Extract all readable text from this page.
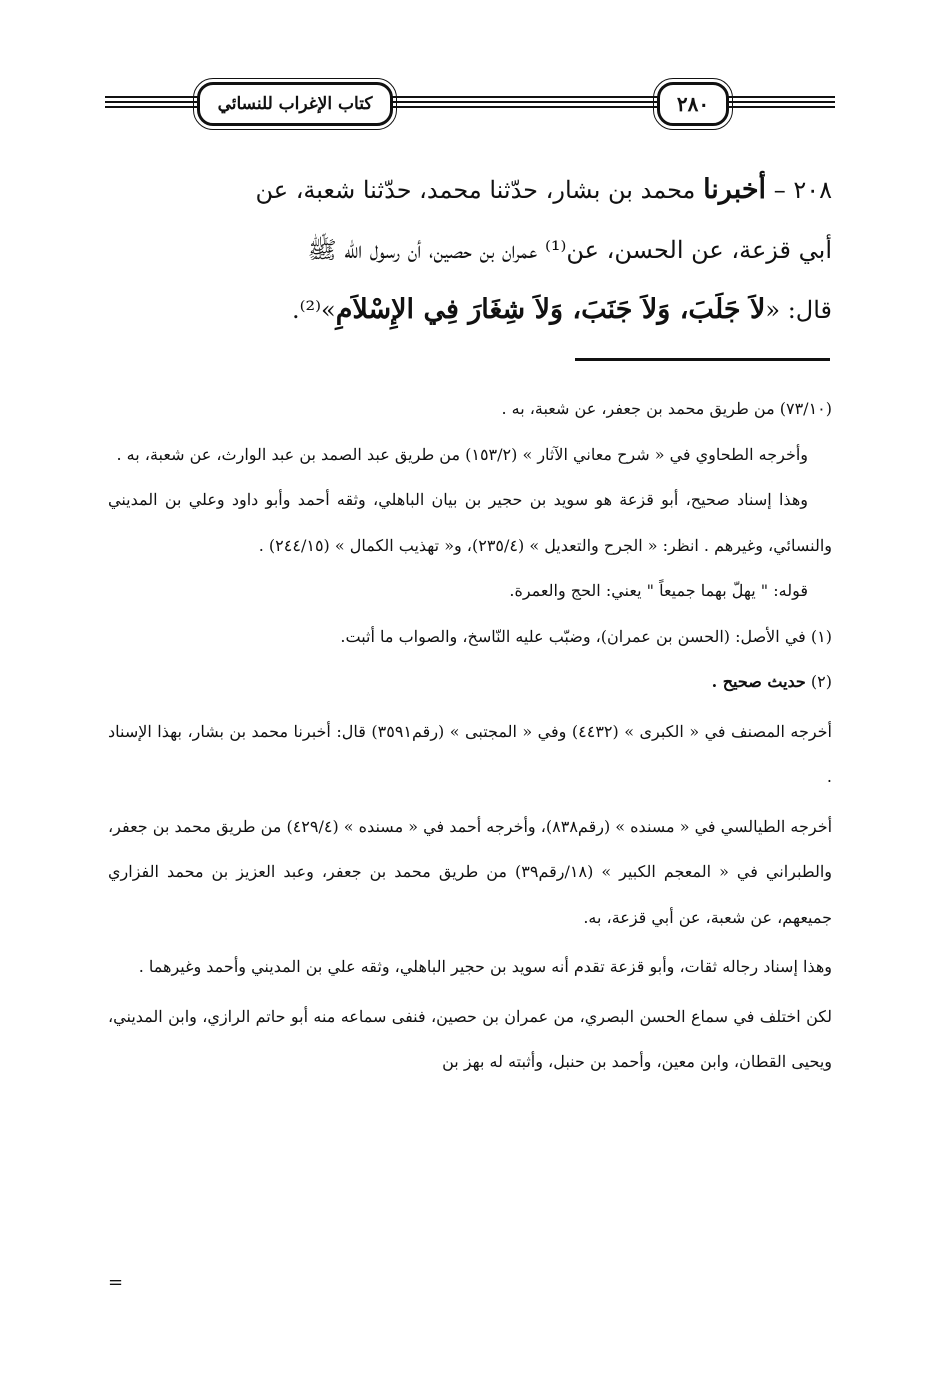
كتاب الإغراب للنسائي	٢٨٠

٢٠٨ – أخبرنا محمد بن بشار، حدّثنا محمد، حدّثنا شعبة، عن

أبي قزعة، عن الحسن، عن⁽¹⁾ عمران بن حصين، أن رسول الله ﷺ

قال: «لاَ جَلَبَ، وَلاَ جَنَبَ، وَلاَ شِغَارَ فِي الإِسْلاَمِ»⁽²⁾.

(٧٣/١٠) من طريق محمد بن جعفر، عن شعبة، به .

وأخرجه الطحاوي في « شرح معاني الآثار » (١٥٣/٢) من طريق عبد الصمد بن عبد الوارث، عن شعبة، به .

وهذا إسناد صحيح، أبو قزعة هو سويد بن حجير بن بيان الباهلي، وثقه أحمد وأبو داود وعلي بن المديني والنسائي، وغيرهم . انظر: « الجرح والتعديل » (٢٣٥/٤)، و« تهذيب الكمال » (٢٤٤/١٥) .

قوله: " يهلّ بهما جميعاً " يعني: الحج والعمرة.

(١) في الأصل: (الحسن بن عمران)، وضبّب عليه النّاسخ، والصواب ما أثبت.

(٢) حديث صحيح .

أخرجه المصنف في « الكبرى » (٤٤٣٢) وفي « المجتبى » (رقم٣٥٩١) قال: أخبرنا محمد بن بشار، بهذا الإسناد .

أخرجه الطيالسي في « مسنده » (رقم٨٣٨)، وأخرجه أحمد في « مسنده » (٤٢٩/٤) من طريق محمد بن جعفر، والطبراني في « المعجم الكبير » (١٨/رقم٣٩) من طريق محمد بن جعفر، وعبد العزيز بن محمد الفزاري جميعهم، عن شعبة، عن أبي قزعة، به.

وهذا إسناد رجاله ثقات، وأبو قزعة تقدم أنه سويد بن حجير الباهلي، وثقه علي بن المديني وأحمد وغيرهما .

لكن اختلف في سماع الحسن البصري، من عمران بن حصين، فنفى سماعه منه أبو حاتم الرازي، وابن المديني، ويحيى القطان، وابن معين، وأحمد بن حنبل، وأثبته له بهز بن

=
